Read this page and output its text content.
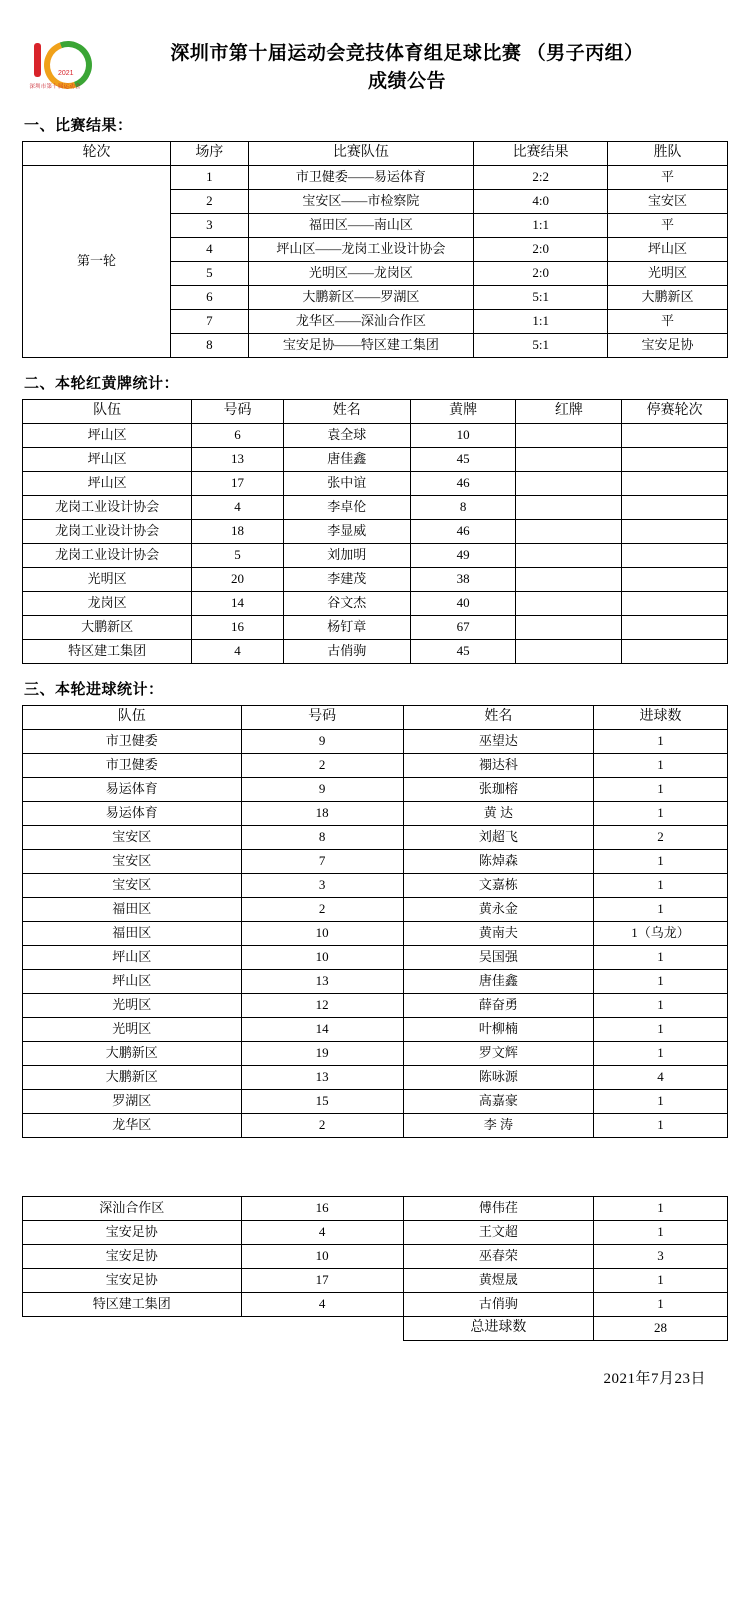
2021
深圳市第十届运动会
深圳市第十届运动会竞技体育组足球比赛 （男子丙组）
成绩公告
一、比赛结果：
轮次	场序	比赛队伍	比赛结果	胜队
第一轮	1	市卫健委——易运体育	2:2	平
	2	宝安区——市检察院	4:0	宝安区
	3	福田区——南山区	1:1	平
	4	坪山区——龙岗工业设计协会	2:0	坪山区
	5	光明区——龙岗区	2:0	光明区
	6	大鹏新区——罗湖区	5:1	大鹏新区
	7	龙华区——深汕合作区	1:1	平
	8	宝安足协——特区建工集团	5:1	宝安足协
二、本轮红黄牌统计：
队伍	号码	姓名	黄牌	红牌	停赛轮次
坪山区	6	袁全球	10		
坪山区	13	唐佳鑫	45		
坪山区	17	张中谊	46		
龙岗工业设计协会	4	李卓伦	8		
龙岗工业设计协会	18	李显威	46		
龙岗工业设计协会	5	刘加明	49		
光明区	20	李建茂	38		
龙岗区	14	谷文杰	40		
大鹏新区	16	杨钉章	67		
特区建工集团	4	古俏驹	45		
三、本轮进球统计：
队伍	号码	姓名	进球数
市卫健委	9	巫望达	1
市卫健委	2	禤达科	1
易运体育	9	张珈榕	1
易运体育	18	黄 达	1
宝安区	8	刘超飞	2
宝安区	7	陈焯森	1
宝安区	3	文嘉栋	1
福田区	2	黄永金	1
福田区	10	黄南夫	1（乌龙）
坪山区	10	吴国强	1
坪山区	13	唐佳鑫	1
光明区	12	薛奋勇	1
光明区	14	叶柳楠	1
大鹏新区	19	罗文辉	1
大鹏新区	13	陈咏源	4
罗湖区	15	高嘉豪	1
龙华区	2	李 涛	1
深汕合作区	16	傅伟荏	1
宝安足协	4	王文超	1
宝安足协	10	巫春荣	3
宝安足协	17	黄煜晟	1
特区建工集团	4	古俏驹	1
		总进球数	28
2021年7月23日
